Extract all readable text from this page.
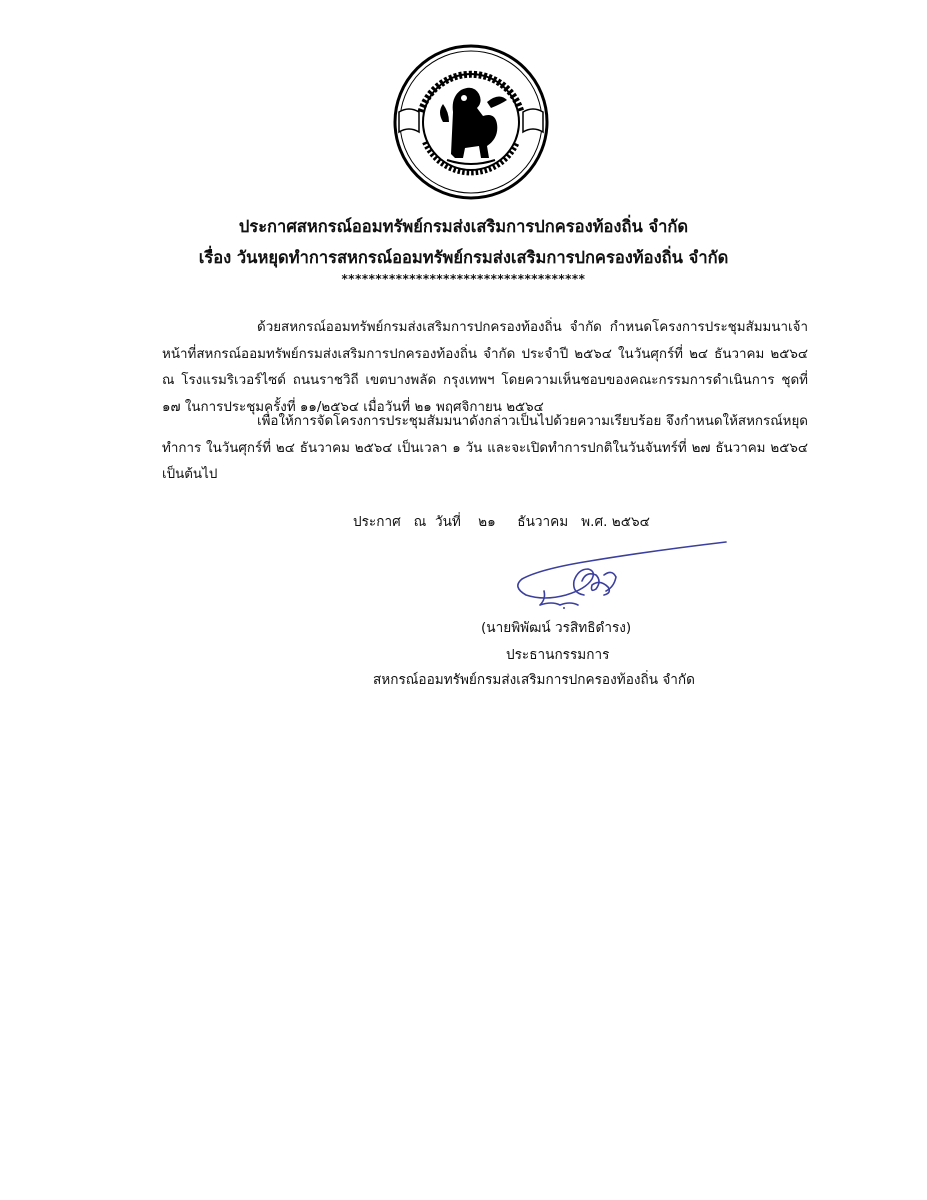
ประกาศสหกรณ์ออมทรัพย์กรมส่งเสริมการปกครองท้องถิ่น จำกัด
เรื่อง วันหยุดทำการสหกรณ์ออมทรัพย์กรมส่งเสริมการปกครองท้องถิ่น จำกัด
************************************
ด้วยสหกรณ์ออมทรัพย์กรมส่งเสริมการปกครองท้องถิ่น จำกัด กำหนดโครงการประชุมสัมมนาเจ้าหน้าที่สหกรณ์ออมทรัพย์กรมส่งเสริมการปกครองท้องถิ่น จำกัด ประจำปี ๒๕๖๔ ในวันศุกร์ที่ ๒๔ ธันวาคม ๒๕๖๔ ณ โรงแรมริเวอร์ไซด์ ถนนราชวิถี เขตบางพลัด กรุงเทพฯ โดยความเห็นชอบของคณะกรรมการดำเนินการ ชุดที่ ๑๗ ในการประชุมครั้งที่ ๑๑/๒๕๖๔ เมื่อวันที่ ๒๑ พฤศจิกายน ๒๕๖๔
เพื่อให้การจัดโครงการประชุมสัมมนาดังกล่าวเป็นไปด้วยความเรียบร้อย จึงกำหนดให้สหกรณ์หยุดทำการ ในวันศุกร์ที่ ๒๔ ธันวาคม ๒๕๖๔ เป็นเวลา ๑ วัน และจะเปิดทำการปกติในวันจันทร์ที่ ๒๗ ธันวาคม ๒๕๖๔ เป็นต้นไป
ประกาศ   ณ  วันที่    ๒๑     ธันวาคม   พ.ศ. ๒๕๖๔
(นายพิพัฒน์ วรสิทธิดำรง)
ประธานกรรมการ
สหกรณ์ออมทรัพย์กรมส่งเสริมการปกครองท้องถิ่น จำกัด
